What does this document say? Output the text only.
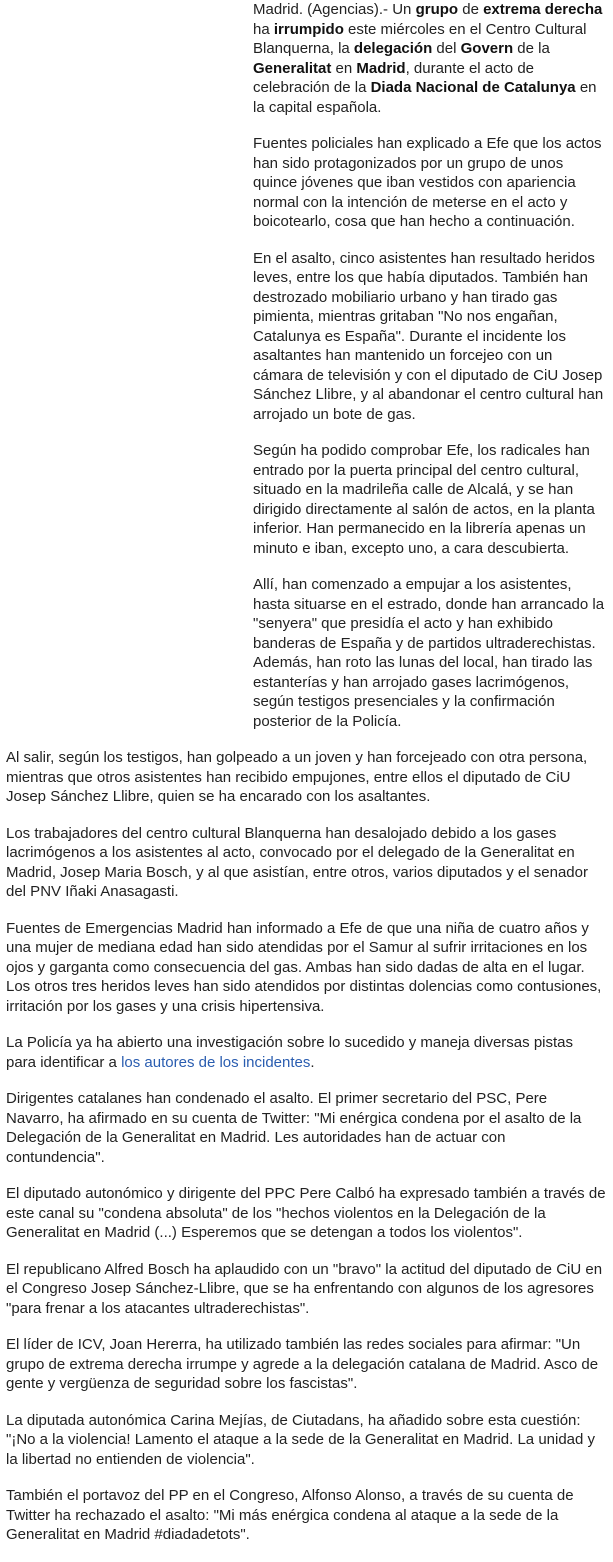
Madrid. (Agencias).- Un grupo de extrema derecha ha irrumpido este miércoles en el Centro Cultural Blanquerna, la delegación del Govern de la Generalitat en Madrid, durante el acto de celebración de la Diada Nacional de Catalunya en la capital española.

Fuentes policiales han explicado a Efe que los actos han sido protagonizados por un grupo de unos quince jóvenes que iban vestidos con apariencia normal con la intención de meterse en el acto y boicotearlo, cosa que han hecho a continuación.

En el asalto, cinco asistentes han resultado heridos leves, entre los que había diputados. También han destrozado mobiliario urbano y han tirado gas pimienta, mientras gritaban "No nos engañan, Catalunya es España". Durante el incidente los asaltantes han mantenido un forcejeo con un cámara de televisión y con el diputado de CiU Josep Sánchez Llibre, y al abandonar el centro cultural han arrojado un bote de gas.

Según ha podido comprobar Efe, los radicales han entrado por la puerta principal del centro cultural, situado en la madrileña calle de Alcalá, y se han dirigido directamente al salón de actos, en la planta inferior. Han permanecido en la librería apenas un minuto e iban, excepto uno, a cara descubierta.

Allí, han comenzado a empujar a los asistentes, hasta situarse en el estrado, donde han arrancado la "senyera" que presidía el acto y han exhibido banderas de España y de partidos ultraderechistas. Además, han roto las lunas del local, han tirado las estanterías y han arrojado gases lacrimógenos, según testigos presenciales y la confirmación posterior de la Policía.

Al salir, según los testigos, han golpeado a un joven y han forcejeado con otra persona, mientras que otros asistentes han recibido empujones, entre ellos el diputado de CiU Josep Sánchez Llibre, quien se ha encarado con los asaltantes.

Los trabajadores del centro cultural Blanquerna han desalojado debido a los gases lacrimógenos a los asistentes al acto, convocado por el delegado de la Generalitat en Madrid, Josep Maria Bosch, y al que asistían, entre otros, varios diputados y el senador del PNV Iñaki Anasagasti.

Fuentes de Emergencias Madrid han informado a Efe de que una niña de cuatro años y una mujer de mediana edad han sido atendidas por el Samur al sufrir irritaciones en los ojos y garganta como consecuencia del gas. Ambas han sido dadas de alta en el lugar. Los otros tres heridos leves han sido atendidos por distintas dolencias como contusiones, irritación por los gases y una crisis hipertensiva.

La Policía ya ha abierto una investigación sobre lo sucedido y maneja diversas pistas para identificar a los autores de los incidentes.

Dirigentes catalanes han condenado el asalto. El primer secretario del PSC, Pere Navarro, ha afirmado en su cuenta de Twitter: "Mi enérgica condena por el asalto de la Delegación de la Generalitat en Madrid. Les autoridades han de actuar con contundencia".

El diputado autonómico y dirigente del PPC Pere Calbó ha expresado también a través de este canal su "condena absoluta" de los "hechos violentos en la Delegación de la Generalitat en Madrid (...) Esperemos que se detengan a todos los violentos".

El republicano Alfred Bosch ha aplaudido con un "bravo" la actitud del diputado de CiU en el Congreso Josep Sánchez-Llibre, que se ha enfrentando con algunos de los agresores "para frenar a los atacantes ultraderechistas".

El líder de ICV, Joan Hererra, ha utilizado también las redes sociales para afirmar: "Un grupo de extrema derecha irrumpe y agrede a la delegación catalana de Madrid. Asco de gente y vergüenza de seguridad sobre los fascistas".

La diputada autonómica Carina Mejías, de Ciutadans, ha añadido sobre esta cuestión: "¡No a la violencia! Lamento el ataque a la sede de la Generalitat en Madrid. La unidad y la libertad no entienden de violencia".

También el portavoz del PP en el Congreso, Alfonso Alonso, a través de su cuenta de Twitter ha rechazado el asalto: "Mi más enérgica condena al ataque a la sede de la Generalitat en Madrid #diadadetots".
